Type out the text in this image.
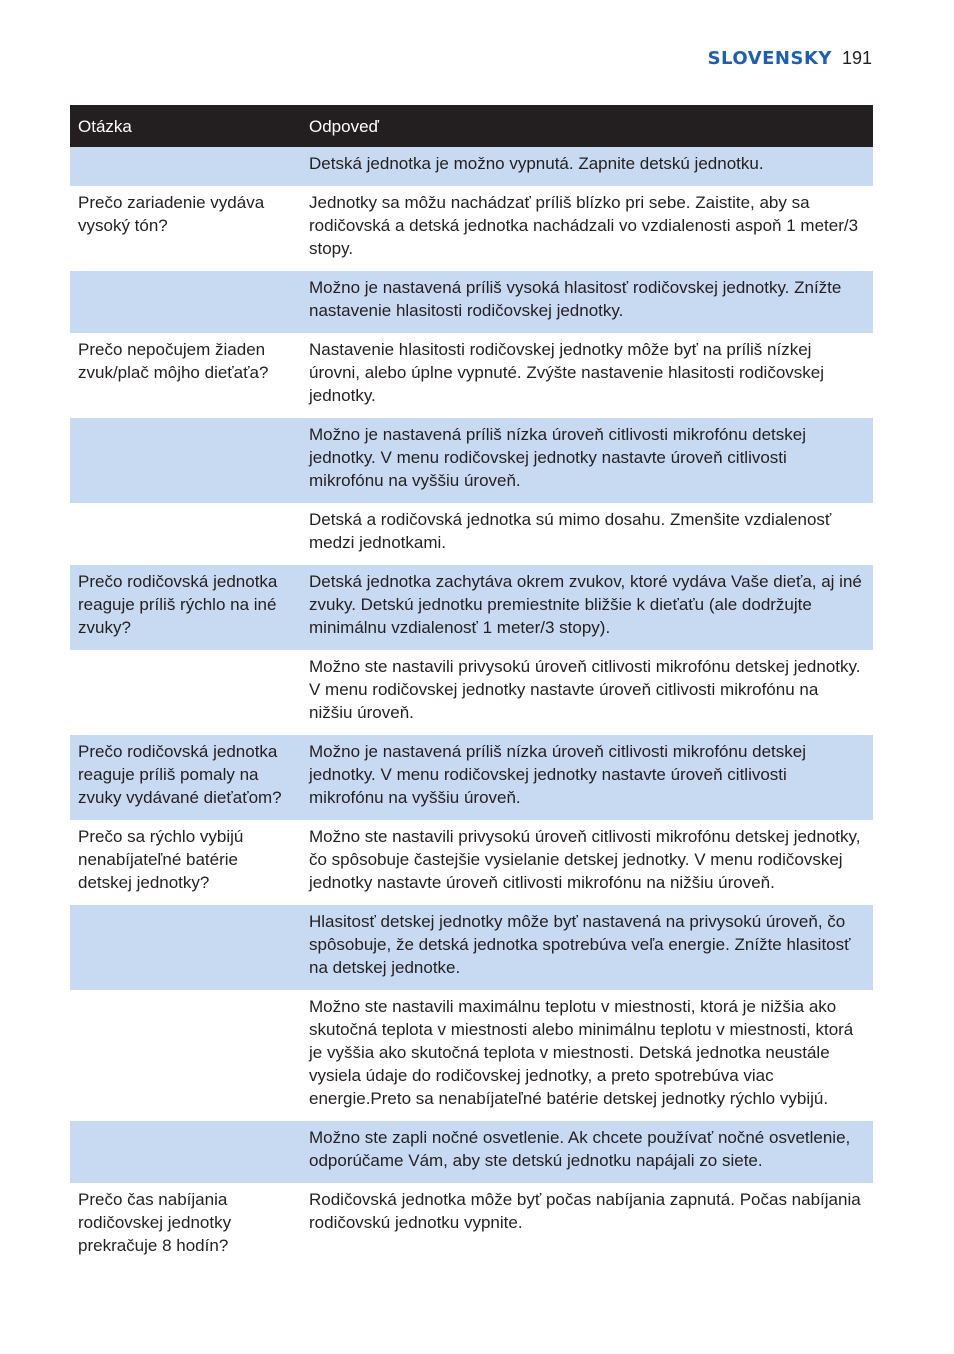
SLOVENSKY 191
Otázka	Odpoveď
	Detská jednotka je možno vypnutá. Zapnite detskú jednotku.
Prečo zariadenie vydáva vysoký tón?	Jednotky sa môžu nachádzať príliš blízko pri sebe. Zaistite, aby sa rodičovská a detská jednotka nachádzali vo vzdialenosti aspoň 1 meter/3 stopy.
	Možno je nastavená príliš vysoká hlasitosť rodičovskej jednotky. Znížte nastavenie hlasitosti rodičovskej jednotky.
Prečo nepočujem žiaden zvuk/plač môjho dieťaťa?	Nastavenie hlasitosti rodičovskej jednotky môže byť na príliš nízkej úrovni, alebo úplne vypnuté. Zvýšte nastavenie hlasitosti rodičovskej jednotky.
	Možno je nastavená príliš nízka úroveň citlivosti mikrofónu detskej jednotky. V menu rodičovskej jednotky nastavte úroveň citlivosti mikrofónu na vyššiu úroveň.
	Detská a rodičovská jednotka sú mimo dosahu. Zmenšite vzdialenosť medzi jednotkami.
Prečo rodičovská jednotka reaguje príliš rýchlo na iné zvuky?	Detská jednotka zachytáva okrem zvukov, ktoré vydáva Vaše dieťa, aj iné zvuky. Detskú jednotku premiestnite bližšie k dieťaťu (ale dodržujte minimálnu vzdialenosť 1 meter/3 stopy).
	Možno ste nastavili privysokú úroveň citlivosti mikrofónu detskej jednotky. V menu rodičovskej jednotky nastavte úroveň citlivosti mikrofónu na nižšiu úroveň.
Prečo rodičovská jednotka reaguje príliš pomaly na zvuky vydávané dieťaťom?	Možno je nastavená príliš nízka úroveň citlivosti mikrofónu detskej jednotky. V menu rodičovskej jednotky nastavte úroveň citlivosti mikrofónu na vyššiu úroveň.
Prečo sa rýchlo vybijú nenabíjateľné batérie detskej jednotky?	Možno ste nastavili privysokú úroveň citlivosti mikrofónu detskej jednotky, čo spôsobuje častejšie vysielanie detskej jednotky. V menu rodičovskej jednotky nastavte úroveň citlivosti mikrofónu na nižšiu úroveň.
	Hlasitosť detskej jednotky môže byť nastavená na privysokú úroveň, čo spôsobuje, že detská jednotka spotrebúva veľa energie. Znížte hlasitosť na detskej jednotke.
	Možno ste nastavili maximálnu teplotu v miestnosti, ktorá je nižšia ako skutočná teplota v miestnosti alebo minimálnu teplotu v miestnosti, ktorá je vyššia ako skutočná teplota v miestnosti. Detská jednotka neustále vysiela údaje do rodičovskej jednotky, a preto spotrebúva viac energie.Preto sa nenabíjateľné batérie detskej jednotky rýchlo vybijú.
	Možno ste zapli nočné osvetlenie. Ak chcete používať nočné osvetlenie, odporúčame Vám, aby ste detskú jednotku napájali zo siete.
Prečo čas nabíjania rodičovskej jednotky prekračuje 8 hodín?	Rodičovská jednotka môže byť počas nabíjania zapnutá. Počas nabíjania rodičovskú jednotku vypnite.
